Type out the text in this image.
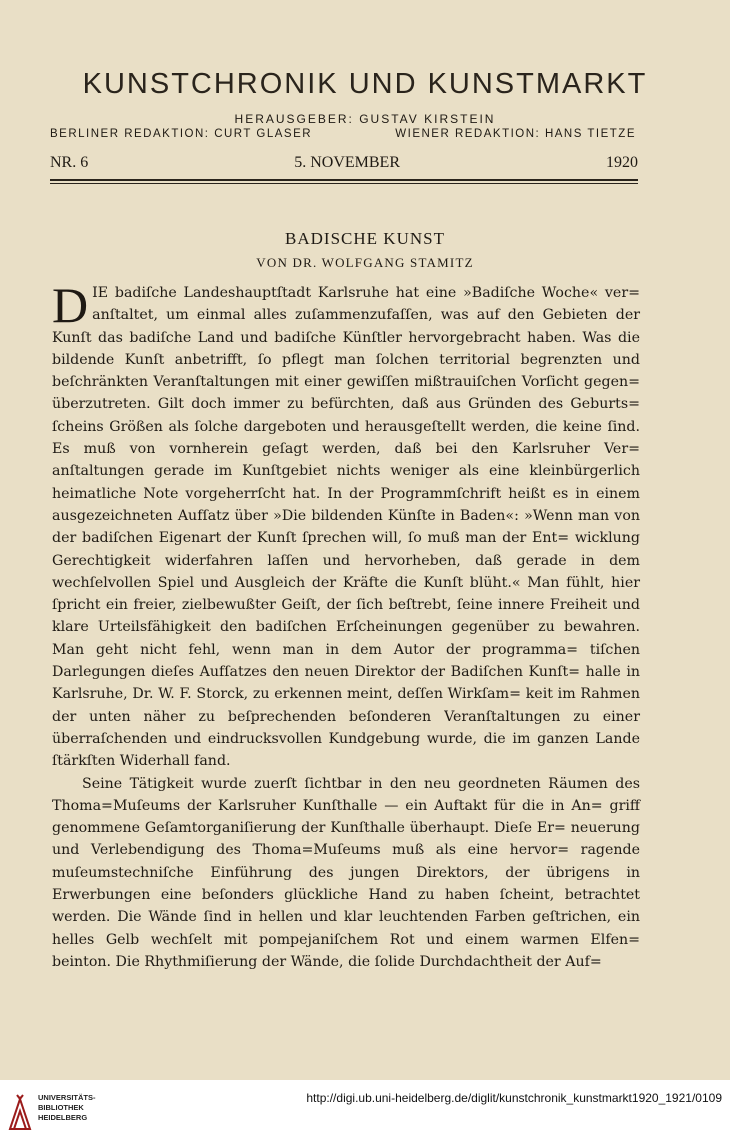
KUNSTCHRONIK UND KUNSTMARKT
HERAUSGEBER: GUSTAV KIRSTEIN
BERLINER REDAKTION: CURT GLASER	WIENER REDAKTION: HANS TIETZE
NR. 6	5. NOVEMBER	1920
BADISCHE KUNST
VON DR. WOLFGANG STAMITZ

DIE badiſche Landeshauptſtadt Karlsruhe hat eine »Badiſche Woche« ver= anſtaltet, um einmal alles zuſammenzufaſſen, was auf den Gebieten der Kunſt das badiſche Land und badiſche Künſtler hervorgebracht haben. Was die bildende Kunſt anbetrifft, ſo pflegt man ſolchen territorial begrenzten und beſchränkten Veranſtaltungen mit einer gewiſſen mißtrauiſchen Vorſicht gegen= überzutreten. Gilt doch immer zu befürchten, daß aus Gründen des Geburts= ſcheins Größen als ſolche dargeboten und herausgeſtellt werden, die keine ſind. Es muß von vornherein geſagt werden, daß bei den Karlsruher Ver= anſtaltungen gerade im Kunſtgebiet nichts weniger als eine kleinbürgerlich heimatliche Note vorgeherrſcht hat. In der Programmſchrift heißt es in einem ausgezeichneten Aufſatz über »Die bildenden Künſte in Baden«: »Wenn man von der badiſchen Eigenart der Kunſt ſprechen will, ſo muß man der Ent= wicklung Gerechtigkeit widerfahren laſſen und hervorheben, daß gerade in dem wechſelvollen Spiel und Ausgleich der Kräfte die Kunſt blüht.« Man fühlt, hier ſpricht ein freier, zielbewußter Geiſt, der ſich beſtrebt, ſeine innere Freiheit und klare Urteilsfähigkeit den badiſchen Erſcheinungen gegenüber zu bewahren. Man geht nicht fehl, wenn man in dem Autor der programma= tiſchen Darlegungen dieſes Aufſatzes den neuen Direktor der Badiſchen Kunſt= halle in Karlsruhe, Dr. W. F. Storck, zu erkennen meint, deſſen Wirkſam= keit im Rahmen der unten näher zu beſprechenden beſonderen Veranſtaltungen zu einer überraſchenden und eindrucksvollen Kundgebung wurde, die im ganzen Lande ſtärkſten Widerhall fand.

Seine Tätigkeit wurde zuerſt ſichtbar in den neu geordneten Räumen des Thoma=Muſeums der Karlsruher Kunſthalle — ein Auftakt für die in An= griff genommene Geſamtorganiſierung der Kunſthalle überhaupt. Dieſe Er= neuerung und Verlebendigung des Thoma=Muſeums muß als eine hervor= ragende muſeumstechniſche Einführung des jungen Direktors, der übrigens in Erwerbungen eine beſonders glückliche Hand zu haben ſcheint, betrachtet werden. Die Wände ſind in hellen und klar leuchtenden Farben geſtrichen, ein helles Gelb wechſelt mit pompejaniſchem Rot und einem warmen Elfen= beinton. Die Rhythmiſierung der Wände, die ſolide Durchdachtheit der Auf=

UNIVERSITÄTS-
BIBLIOTHEK
HEIDELBERG
http://digi.ub.uni-heidelberg.de/diglit/kunstchronik_kunstmarkt1920_1921/0109
